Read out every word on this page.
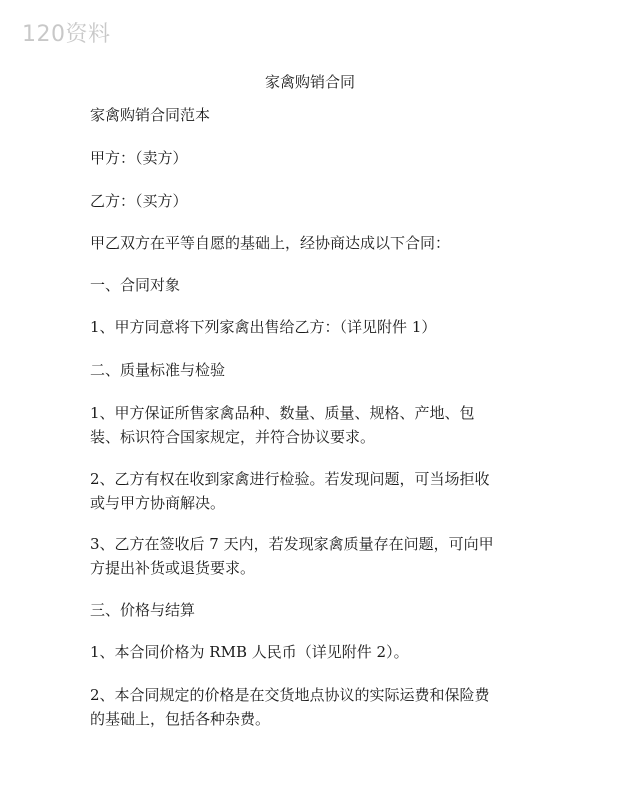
120资料
家禽购销合同

家禽购销合同范本

甲方：（卖方）

乙方：（买方）

甲乙双方在平等自愿的基础上，经协商达成以下合同：

一、合同对象

1、甲方同意将下列家禽出售给乙方：（详见附件 1）

二、质量标准与检验

1、甲方保证所售家禽品种、数量、质量、规格、产地、包

装、标识符合国家规定，并符合协议要求。

2、乙方有权在收到家禽进行检验。若发现问题，可当场拒收

或与甲方协商解决。

3、乙方在签收后 7 天内，若发现家禽质量存在问题，可向甲

方提出补货或退货要求。

三、价格与结算

1、本合同价格为 RMB 人民币（详见附件 2）。

2、本合同规定的价格是在交货地点协议的实际运费和保险费

的基础上，包括各种杂费。
